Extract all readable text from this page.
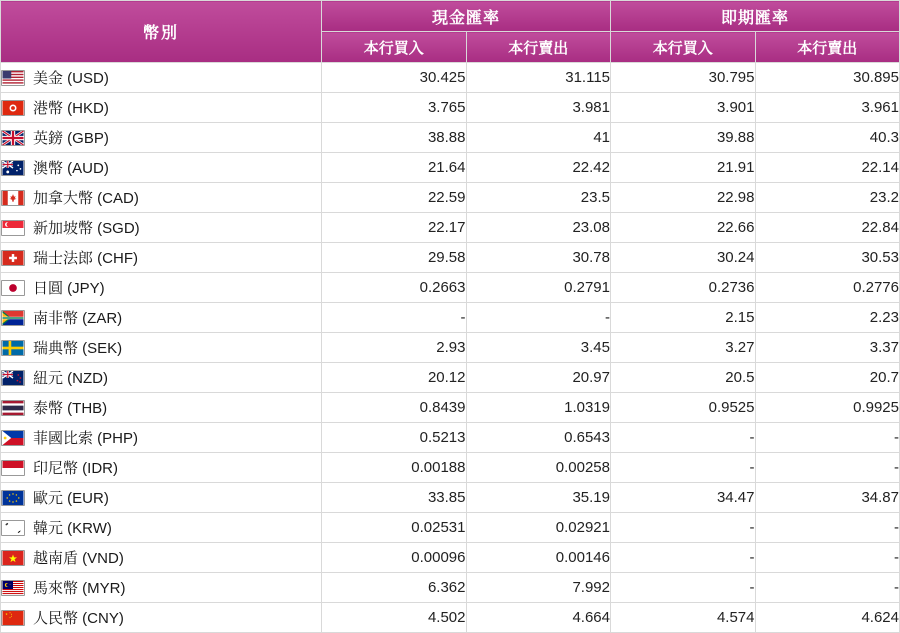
幣別	現金匯率		即期匯率	
	本行買入	本行賣出	本行買入	本行賣出

美金 (USD)	30.425	31.115	30.795	30.895

港幣 (HKD)	3.765	3.981	3.901	3.961

英鎊 (GBP)	38.88	41	39.88	40.3

澳幣 (AUD)	21.64	22.42	21.91	22.14

加拿大幣 (CAD)	22.59	23.5	22.98	23.2

新加坡幣 (SGD)	22.17	23.08	22.66	22.84

瑞士法郎 (CHF)	29.58	30.78	30.24	30.53

日圓 (JPY)	0.2663	0.2791	0.2736	0.2776

南非幣 (ZAR)	-	-	2.15	2.23

瑞典幣 (SEK)	2.93	3.45	3.27	3.37

紐元 (NZD)	20.12	20.97	20.5	20.7

泰幣 (THB)	0.8439	1.0319	0.9525	0.9925

菲國比索 (PHP)	0.5213	0.6543	-	-

印尼幣 (IDR)	0.00188	0.00258	-	-

歐元 (EUR)	33.85	35.19	34.47	34.87

韓元 (KRW)	0.02531	0.02921	-	-

越南盾 (VND)	0.00096	0.00146	-	-

馬來幣 (MYR)	6.362	7.992	-	-

人民幣 (CNY)	4.502	4.664	4.574	4.624
